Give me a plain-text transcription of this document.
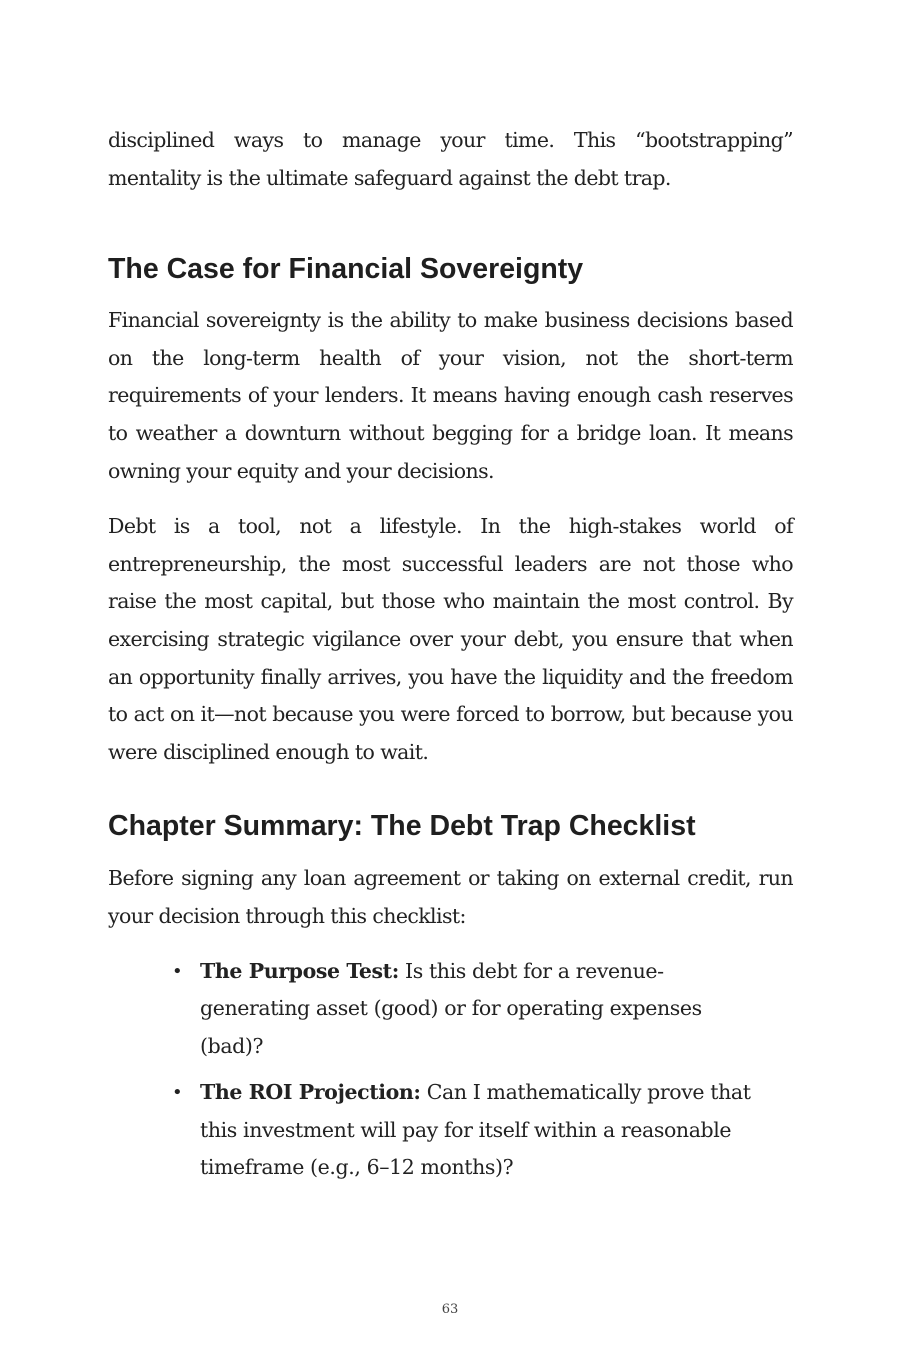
disciplined ways to manage your time. This “bootstrapping” mentality is the ultimate safeguard against the debt trap.

The Case for Financial Sovereignty

Financial sovereignty is the ability to make business decisions based on the long-term health of your vision, not the short-term requirements of your lenders. It means having enough cash reserves to weather a downturn without begging for a bridge loan. It means owning your equity and your decisions.

Debt is a tool, not a lifestyle. In the high-stakes world of entrepreneurship, the most successful leaders are not those who raise the most capital, but those who maintain the most control. By exercising strategic vigilance over your debt, you ensure that when an opportunity finally arrives, you have the liquidity and the freedom to act on it—not because you were forced to borrow, but because you were disciplined enough to wait.

Chapter Summary: The Debt Trap Checklist

Before signing any loan agreement or taking on external credit, run your decision through this checklist:

• The Purpose Test: Is this debt for a revenue-generating asset (good) or for operating expenses (bad)?
• The ROI Projection: Can I mathematically prove that this investment will pay for itself within a reasonable timeframe (e.g., 6–12 months)?
63
